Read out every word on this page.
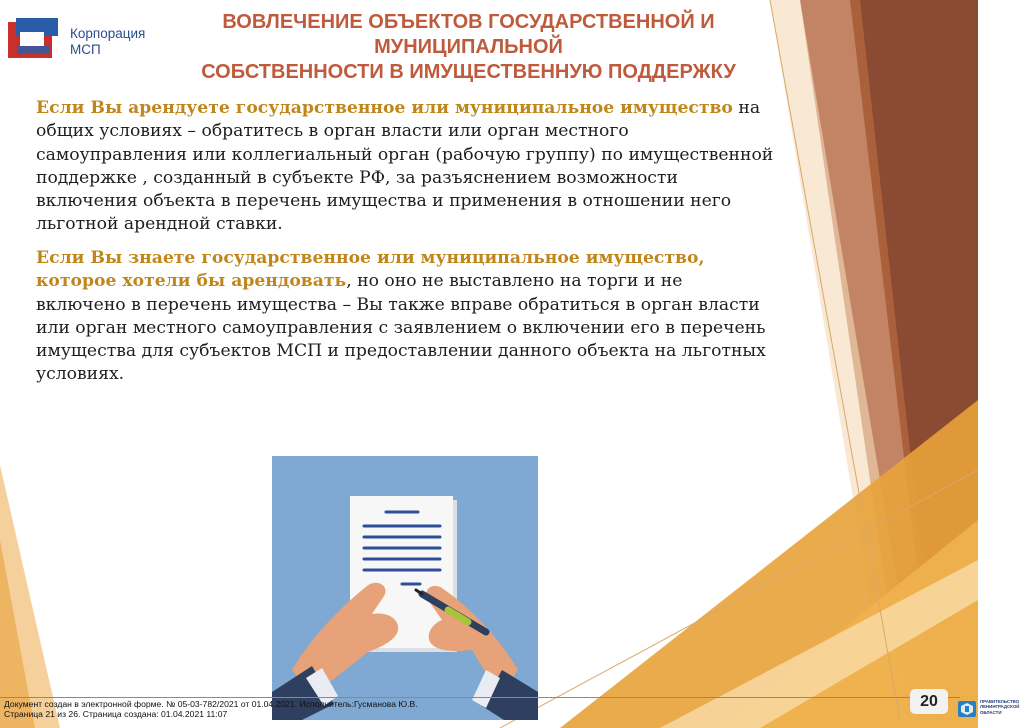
Корпорация
МСП
ВОВЛЕЧЕНИЕ ОБЪЕКТОВ ГОСУДАРСТВЕННОЙ И МУНИЦИПАЛЬНОЙ
СОБСТВЕННОСТИ В ИМУЩЕСТВЕННУЮ ПОДДЕРЖКУ

Если Вы арендуете государственное или муниципальное имущество на общих условиях – обратитесь в орган власти или орган местного самоуправления или коллегиальный орган (рабочую группу) по имущественной поддержке , созданный в субъекте РФ, за разъяснением возможности включения объекта в перечень имущества и применения в отношении него льготной арендной ставки.

Если Вы знаете государственное или муниципальное имущество, которое хотели бы арендовать, но оно не выставлено на торги и не включено в перечень имущества – Вы также вправе обратиться в орган власти или орган местного самоуправления с заявлением о включении его в перечень имущества для субъектов МСП и предоставлении данного объекта на льготных условиях.

Документ создан в электронной форме. № 05-03-782/2021 от 01.04.2021. Исполнитель:Гусманова Ю.В.
Страница 21 из 26. Страница создана: 01.04.2021 11:07
20	ПРАВИТЕЛЬСТВО
ЛЕНИНГРАДСКОЙ
ОБЛАСТИ
